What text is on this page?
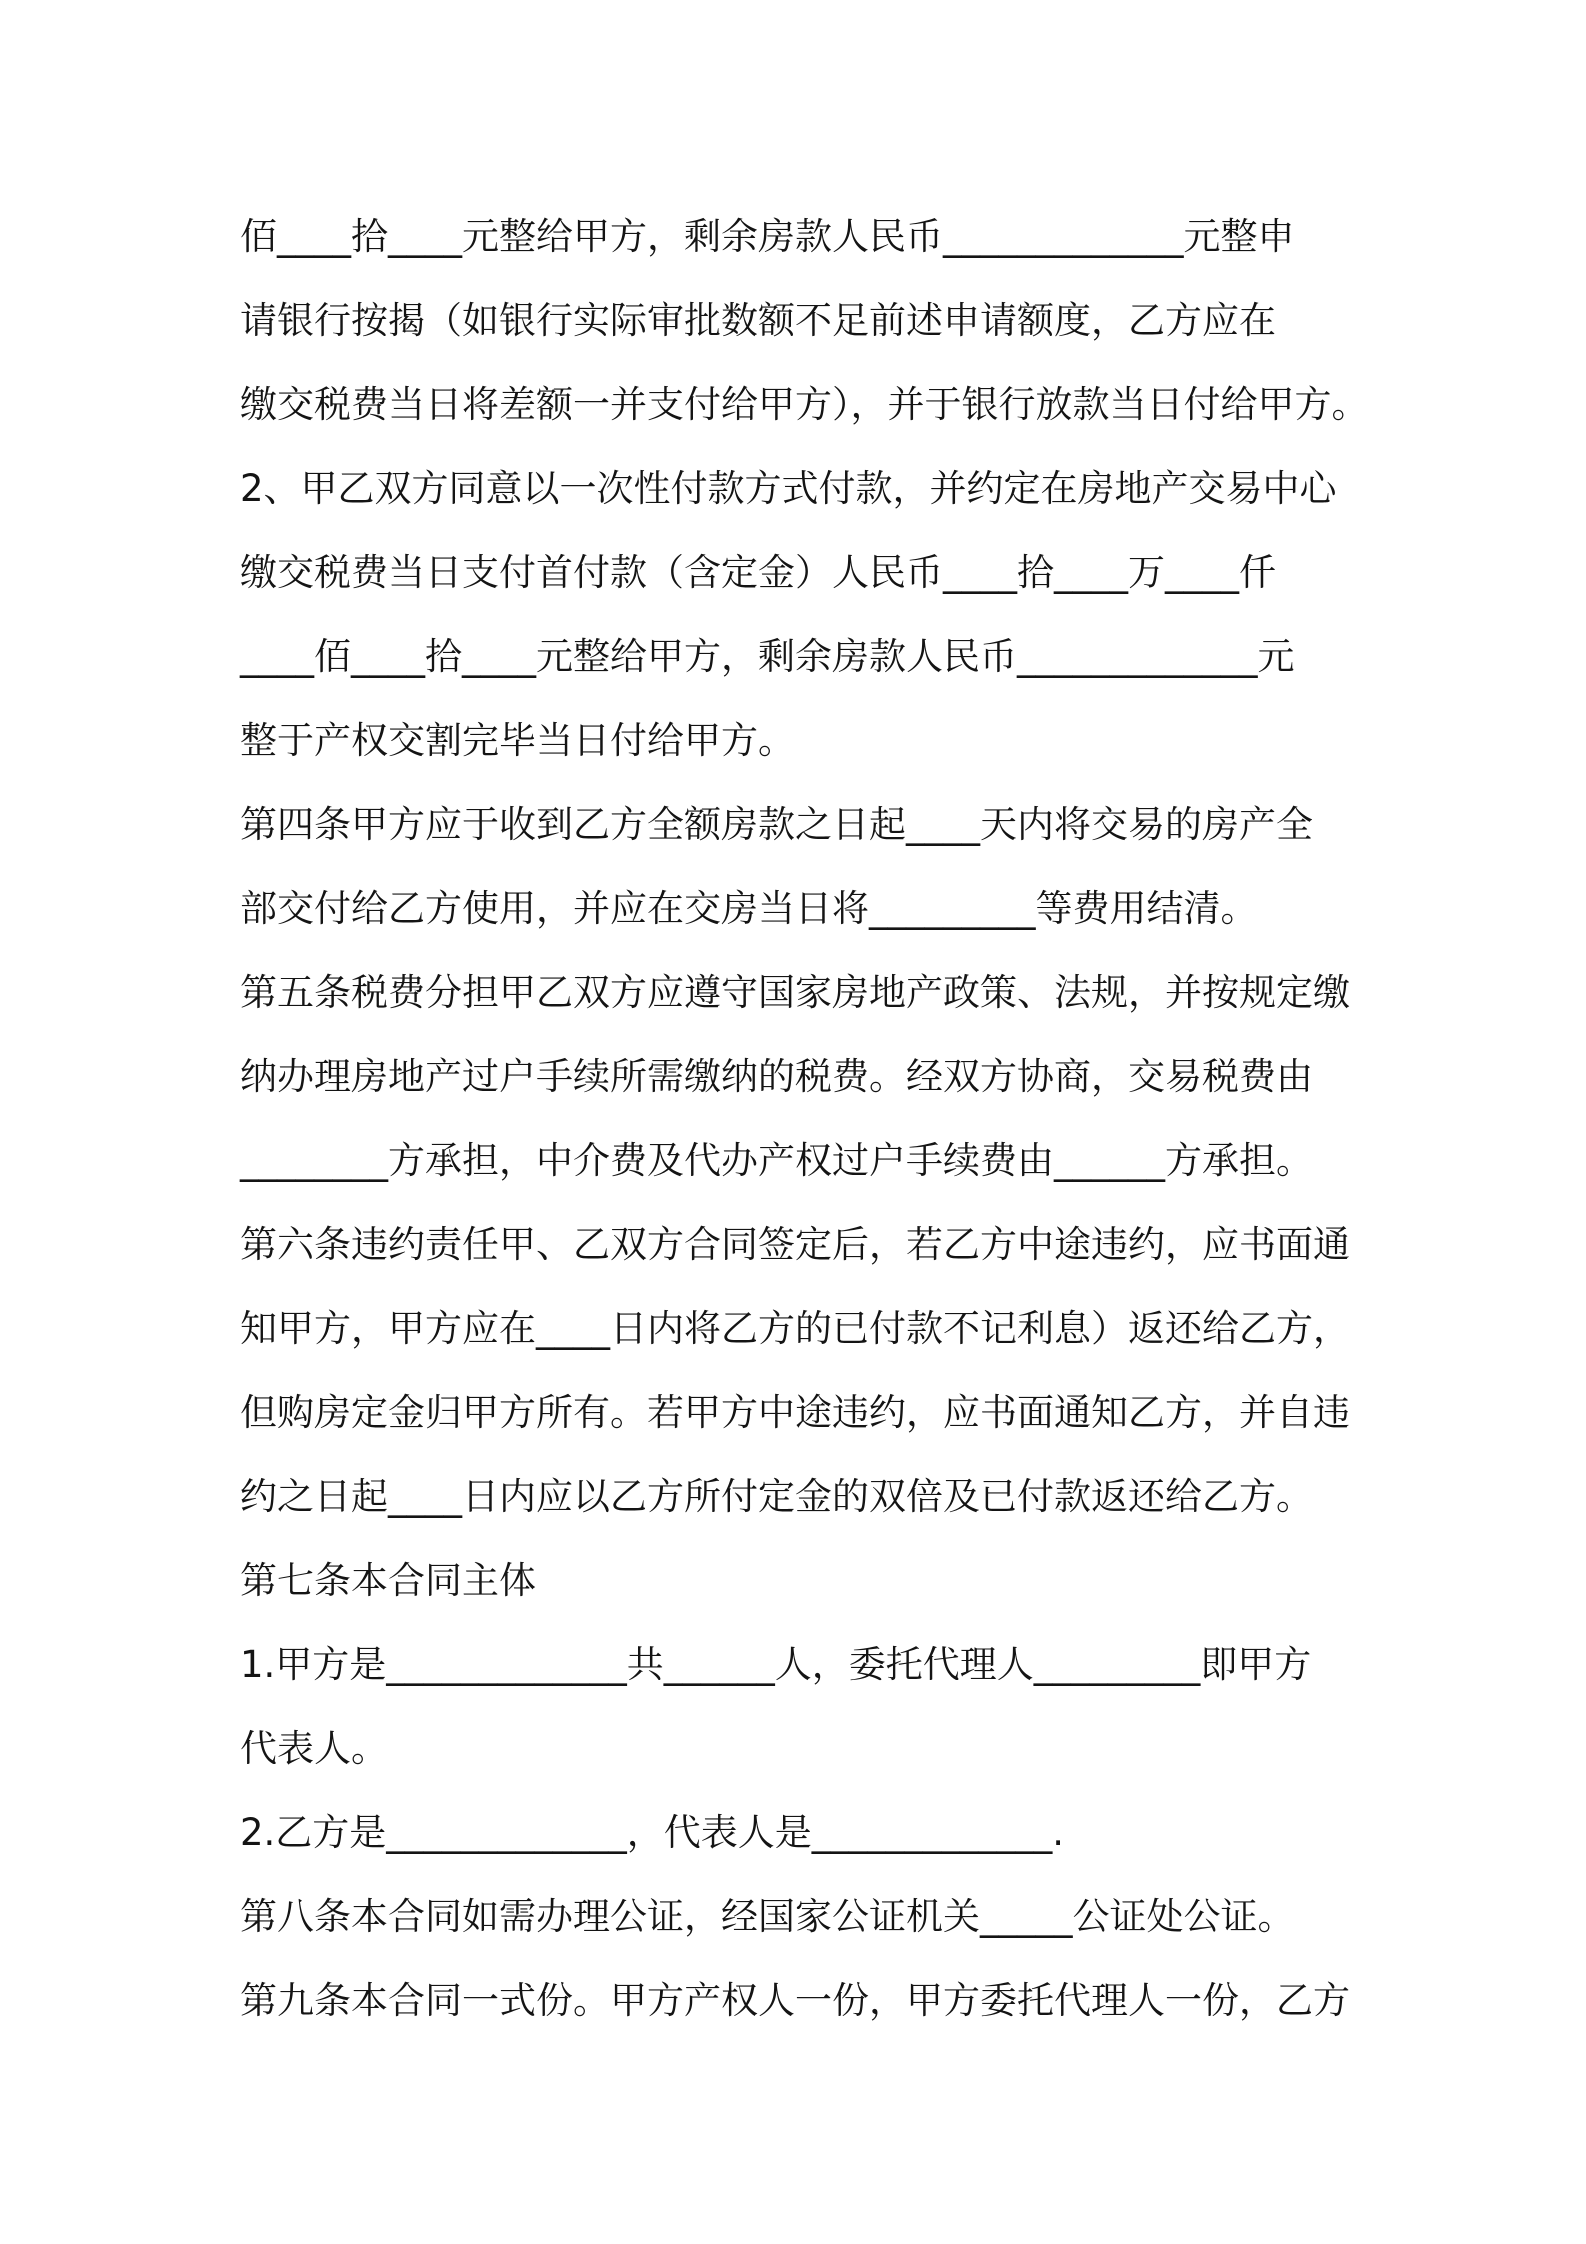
佰____拾____元整给甲方，剩余房款人民币_____________元整申
请银行按揭（如银行实际审批数额不足前述申请额度，乙方应在
缴交税费当日将差额一并支付给甲方），并于银行放款当日付给甲方。
2、甲乙双方同意以一次性付款方式付款，并约定在房地产交易中心
缴交税费当日支付首付款（含定金）人民币____拾____万____仟
____佰____拾____元整给甲方，剩余房款人民币_____________元
整于产权交割完毕当日付给甲方。
第四条甲方应于收到乙方全额房款之日起____天内将交易的房产全
部交付给乙方使用，并应在交房当日将_________等费用结清。
第五条税费分担甲乙双方应遵守国家房地产政策、法规，并按规定缴
纳办理房地产过户手续所需缴纳的税费。经双方协商，交易税费由
________方承担，中介费及代办产权过户手续费由______方承担。
第六条违约责任甲、乙双方合同签定后，若乙方中途违约，应书面通
知甲方，甲方应在____日内将乙方的已付款不记利息）返还给乙方，
但购房定金归甲方所有。若甲方中途违约，应书面通知乙方，并自违
约之日起____日内应以乙方所付定金的双倍及已付款返还给乙方。
第七条本合同主体
1.甲方是_____________共______人，委托代理人_________即甲方
代表人。
2.乙方是_____________，代表人是_____________.
第八条本合同如需办理公证，经国家公证机关_____公证处公证。
第九条本合同一式份。甲方产权人一份，甲方委托代理人一份，乙方
